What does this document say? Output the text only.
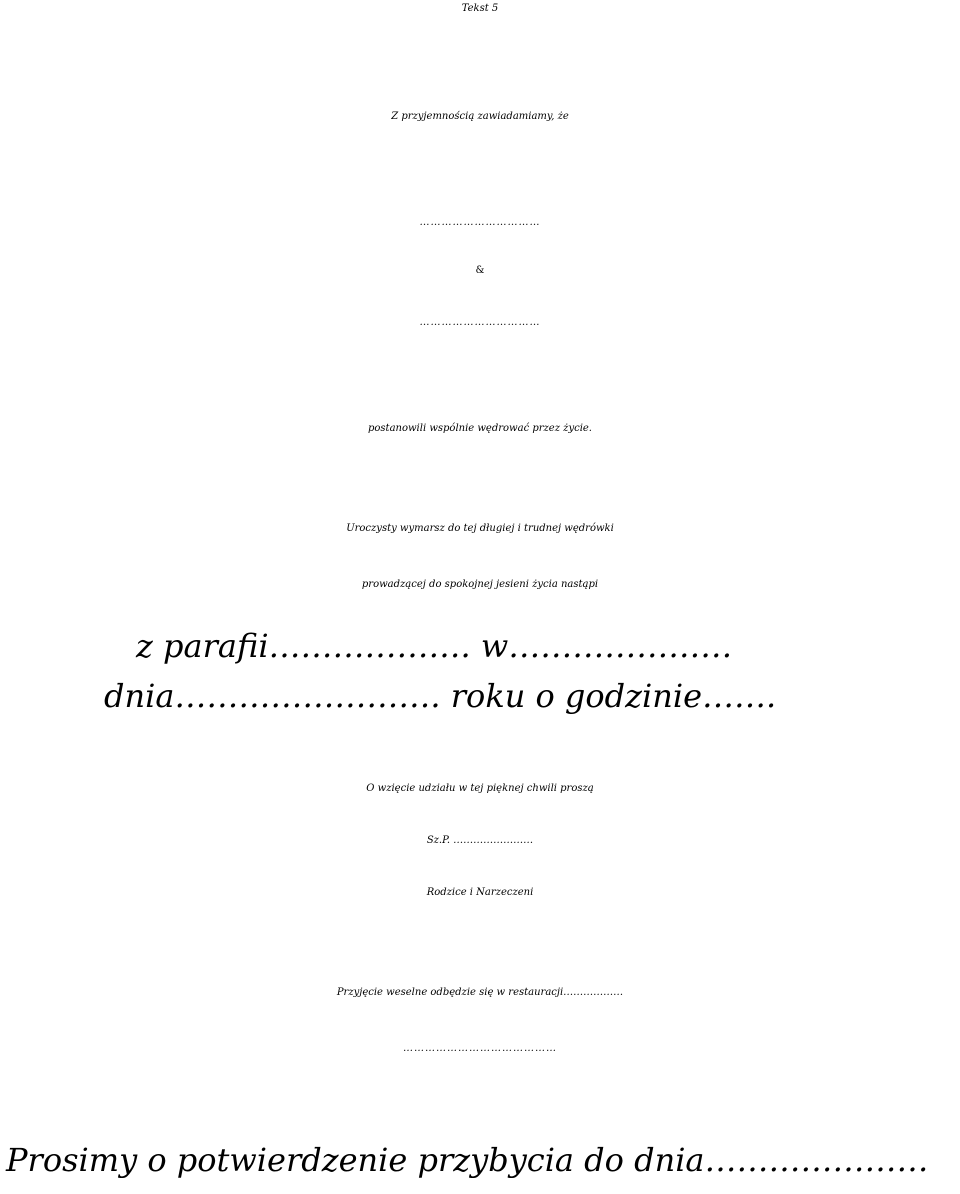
Tekst 5

Z przyjemnością zawiadamiamy, że

……………………………

&

……………………………

postanowili wspólnie wędrować przez życie.

Uroczysty wymarsz do tej długiej i trudnej wędrówki

prowadzącej do spokojnej jesieni życia nastąpi

z parafii………………. w…………………

dnia……………………. roku o godzinie…….

O wzięcie udziału w tej pięknej chwili proszą

Sz.P. ……………………

Rodzice i Narzeczeni

Przyjęcie weselne odbędzie się w restauracji………………

……………………………………

Prosimy o potwierdzenie przybycia do dnia…………………
